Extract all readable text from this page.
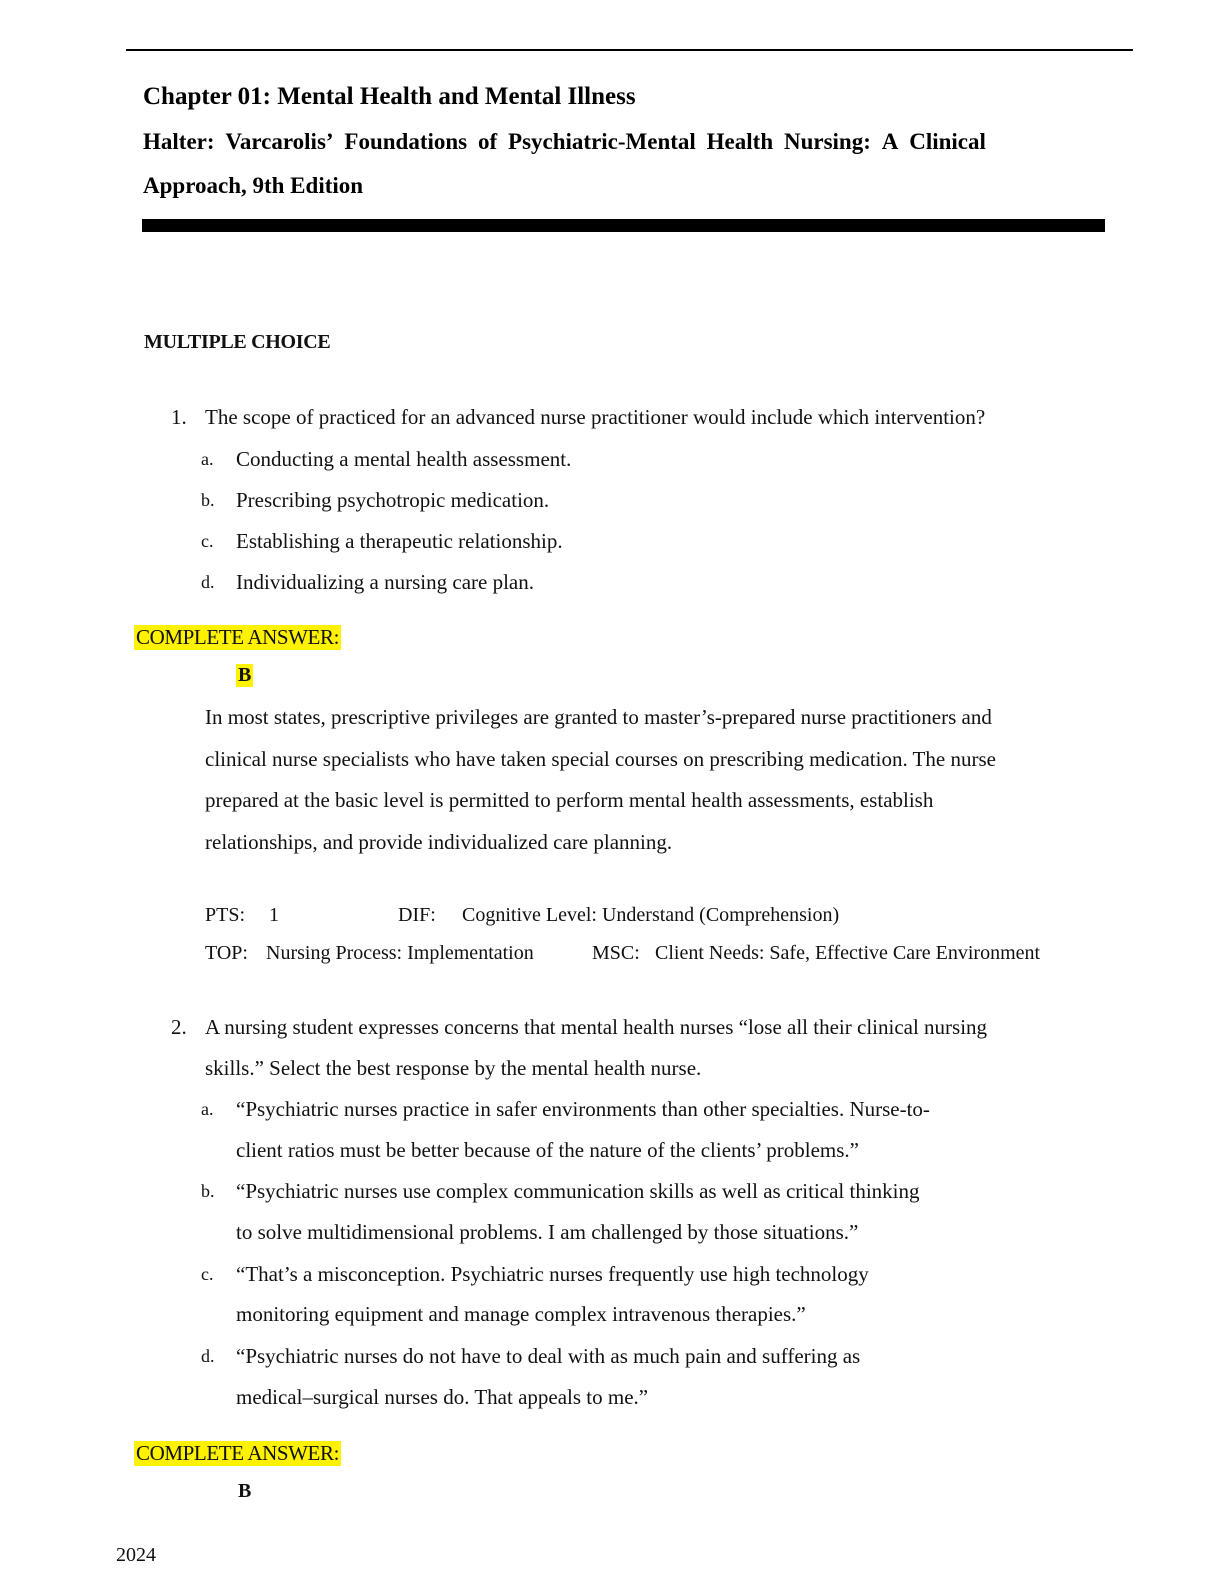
Chapter 01: Mental Health and Mental Illness
Halter: Varcarolis’ Foundations of Psychiatric-Mental Health Nursing: A Clinical
Approach, 9th Edition
MULTIPLE CHOICE
1. The scope of practiced for an advanced nurse practitioner would include which intervention?
a. Conducting a mental health assessment.
b. Prescribing psychotropic medication.
c. Establishing a therapeutic relationship.
d. Individualizing a nursing care plan.
COMPLETE ANSWER:
B
In most states, prescriptive privileges are granted to master’s-prepared nurse practitioners and
clinical nurse specialists who have taken special courses on prescribing medication. The nurse
prepared at the basic level is permitted to perform mental health assessments, establish
relationships, and provide individualized care planning.
PTS: 1	DIF: Cognitive Level: Understand (Comprehension)
TOP: Nursing Process: Implementation	MSC: Client Needs: Safe, Effective Care Environment
2. A nursing student expresses concerns that mental health nurses “lose all their clinical nursing
skills.” Select the best response by the mental health nurse.
a. “Psychiatric nurses practice in safer environments than other specialties. Nurse-to-
client ratios must be better because of the nature of the clients’ problems.”
b. “Psychiatric nurses use complex communication skills as well as critical thinking
to solve multidimensional problems. I am challenged by those situations.”
c. “That’s a misconception. Psychiatric nurses frequently use high technology
monitoring equipment and manage complex intravenous therapies.”
d. “Psychiatric nurses do not have to deal with as much pain and suffering as
medical–surgical nurses do. That appeals to me.”
COMPLETE ANSWER:
B
2024
